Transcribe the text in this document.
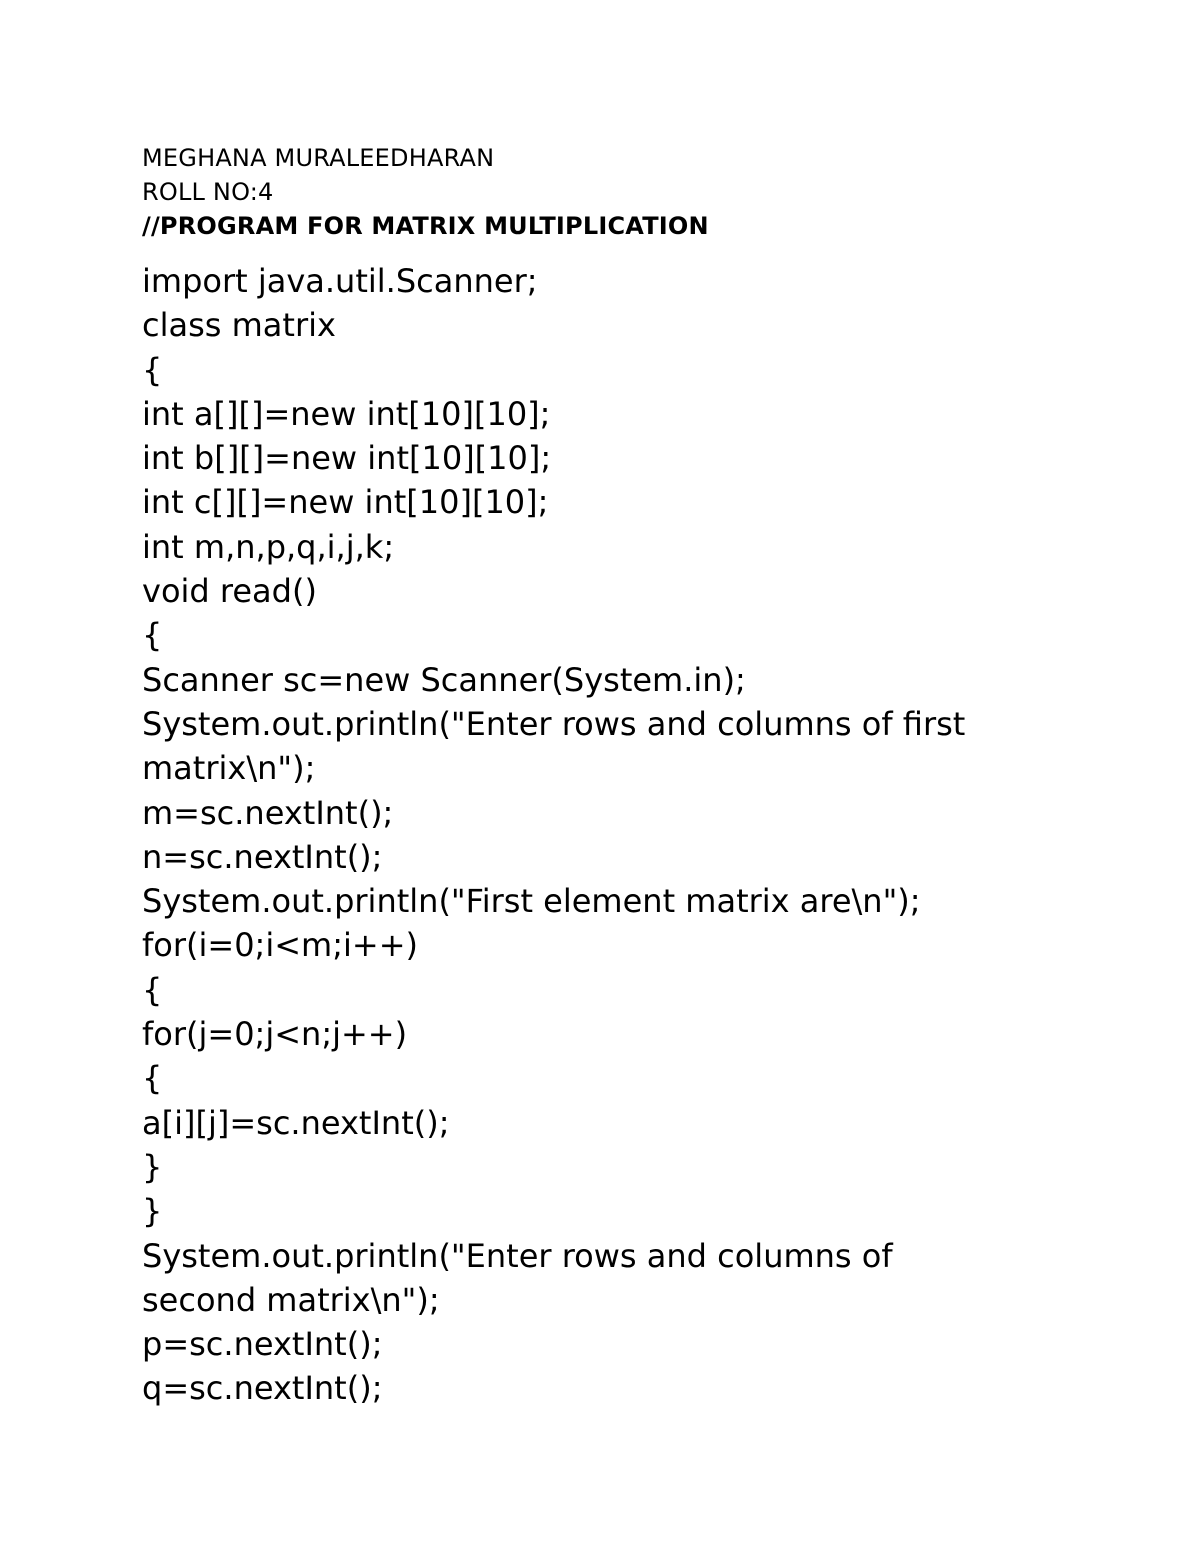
MEGHANA MURALEEDHARAN
ROLL NO:4
//PROGRAM FOR MATRIX MULTIPLICATION
import java.util.Scanner;
class matrix
{
int a[][]=new int[10][10];
int b[][]=new int[10][10];
int c[][]=new int[10][10];
int m,n,p,q,i,j,k;
void read()
{
Scanner sc=new Scanner(System.in);
System.out.println("Enter rows and columns of first
matrix\n");
m=sc.nextInt();
n=sc.nextInt();
System.out.println("First element matrix are\n");
for(i=0;i<m;i++)
{
for(j=0;j<n;j++)
{
a[i][j]=sc.nextInt();
}
}
System.out.println("Enter rows and columns of
second matrix\n");
p=sc.nextInt();
q=sc.nextInt();
